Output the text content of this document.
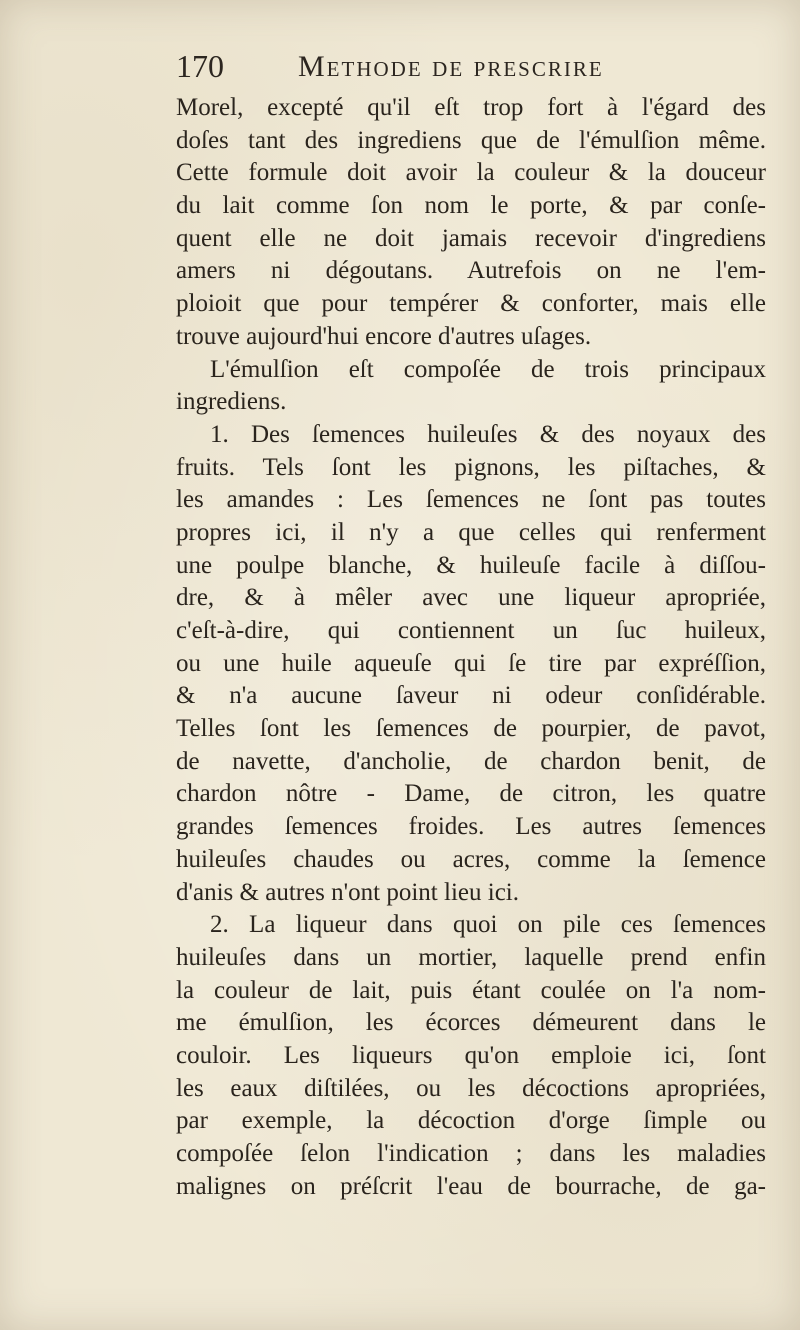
170 Methode de prescrire
Morel, excepté qu'il eſt trop fort à l'égard des
doſes tant des ingrediens que de l'émulſion même.
Cette formule doit avoir la couleur & la douceur
du lait comme ſon nom le porte, & par conſe-
quent elle ne doit jamais recevoir d'ingrediens
amers ni dégoutans. Autrefois on ne l'em-
ploioit que pour tempérer & conforter, mais elle
trouve aujourd'hui encore d'autres uſages.
L'émulſion eſt compoſée de trois principaux
ingrediens.
1. Des ſemences huileuſes & des noyaux des
fruits. Tels ſont les pignons, les piſtaches, &
les amandes : Les ſemences ne ſont pas toutes
propres ici, il n'y a que celles qui renferment
une poulpe blanche, & huileuſe facile à diſſou-
dre, & à mêler avec une liqueur apropriée,
c'eſt-à-dire, qui contiennent un ſuc huileux,
ou une huile aqueuſe qui ſe tire par expréſſion,
& n'a aucune ſaveur ni odeur conſidérable.
Telles ſont les ſemences de pourpier, de pavot,
de navette, d'ancholie, de chardon benit, de
chardon nôtre - Dame, de citron, les quatre
grandes ſemences froides. Les autres ſemences
huileuſes chaudes ou acres, comme la ſemence
d'anis & autres n'ont point lieu ici.
2. La liqueur dans quoi on pile ces ſemences
huileuſes dans un mortier, laquelle prend enfin
la couleur de lait, puis étant coulée on l'a nom-
me émulſion, les écorces démeurent dans le
couloir. Les liqueurs qu'on emploie ici, ſont
les eaux diſtilées, ou les décoctions apropriées,
par exemple, la décoction d'orge ſimple ou
compoſée ſelon l'indication ; dans les maladies
malignes on préſcrit l'eau de bourrache, de ga-
